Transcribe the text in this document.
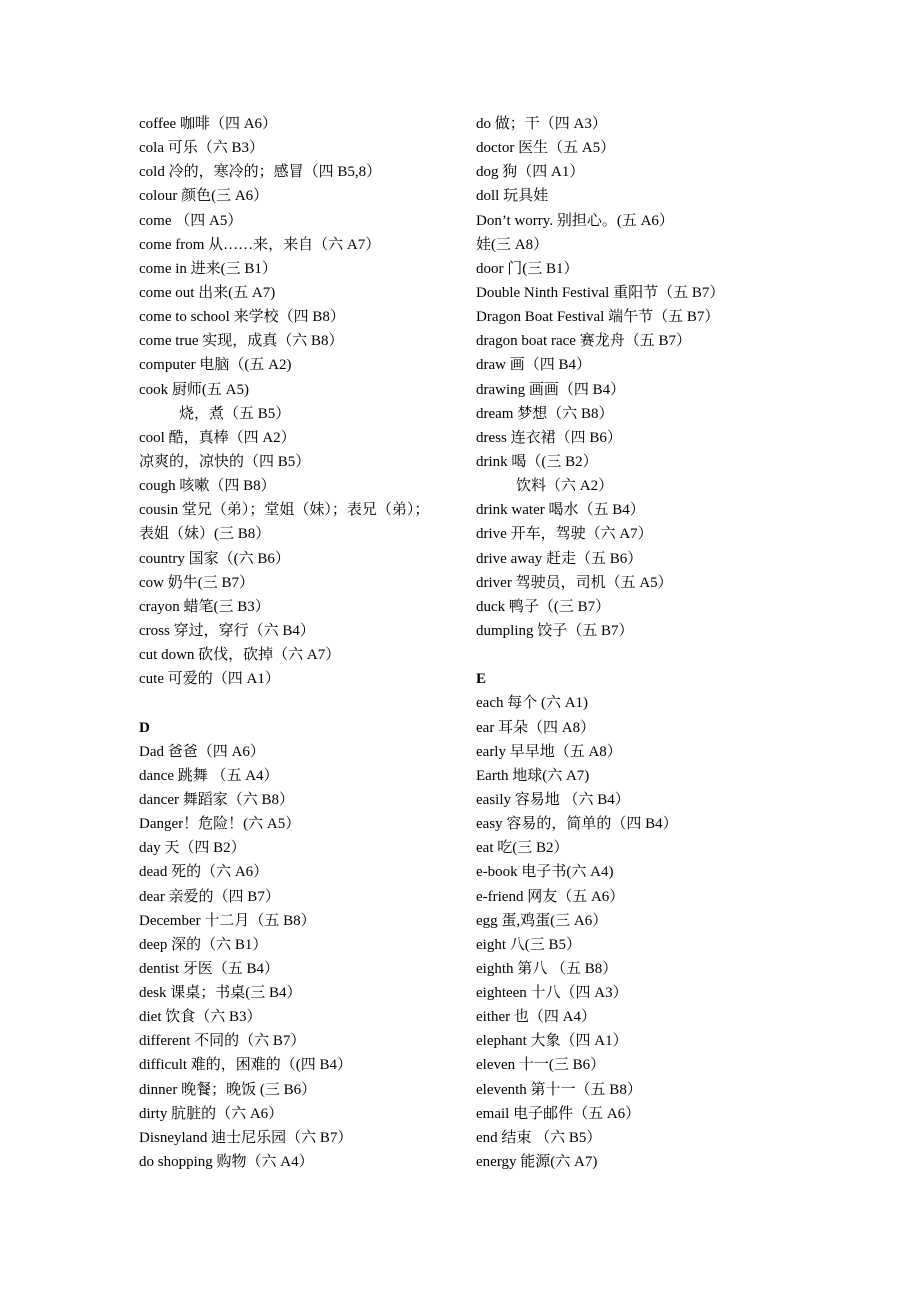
coffee 咖啡（四 A6）
cola 可乐（六 B3）
cold 冷的，寒冷的；感冒（四 B5,8）
colour 颜色(三 A6）
come （四 A5）
come from 从……来，来自（六 A7）
come in 进来(三 B1）
come out 出来(五 A7)
come to school 来学校（四 B8）
come true 实现，成真（六 B8）
computer 电脑（(五 A2)
cook 厨师(五 A5)
烧，煮（五 B5）
cool 酷，真棒（四 A2）
凉爽的，凉快的（四 B5）
cough 咳嗽（四 B8）
cousin 堂兄（弟）；堂姐（妹）；表兄（弟）；
表姐（妹）(三 B8）
country 国家（(六 B6）
cow 奶牛(三 B7）
crayon 蜡笔(三 B3）
cross 穿过，穿行（六 B4）
cut down 砍伐，砍掉（六 A7）
cute 可爱的（四 A1）
D
Dad 爸爸（四 A6）
dance 跳舞 （五 A4）
dancer 舞蹈家（六 B8）
Danger！危险！(六 A5）
day 天（四 B2）
dead 死的（六 A6）
dear 亲爱的（四 B7）
December 十二月（五 B8）
deep 深的（六 B1）
dentist 牙医（五 B4）
desk 课桌；书桌(三 B4）
diet 饮食（六 B3）
different 不同的（六 B7）
difficult 难的，困难的（(四 B4）
dinner 晚餐；晚饭 (三 B6）
dirty 肮脏的（六 A6）
Disneyland 迪士尼乐园（六 B7）
do shopping 购物（六 A4）
do 做；干（四 A3）
doctor 医生（五 A5）
dog 狗（四 A1）
doll 玩具娃
Don’t worry. 别担心。(五 A6）
娃(三 A8）
door 门(三 B1）
Double Ninth Festival 重阳节（五 B7）
Dragon Boat Festival 端午节（五 B7）
dragon boat race 赛龙舟（五 B7）
draw 画（四 B4）
drawing 画画（四 B4）
dream 梦想（六 B8）
dress 连衣裙（四 B6）
drink 喝（(三 B2）
饮料（六 A2）
drink water 喝水（五 B4）
drive 开车，驾驶（六 A7）
drive away 赶走（五 B6）
driver 驾驶员，司机（五 A5）
duck 鸭子（(三 B7）
dumpling 饺子（五 B7）
E
each 每个 (六 A1)
ear 耳朵（四 A8）
early 早早地（五 A8）
Earth 地球(六 A7)
easily 容易地 （六 B4）
easy 容易的，简单的（四 B4）
eat 吃(三 B2）
e-book 电子书(六 A4)
e-friend 网友（五 A6）
egg 蛋,鸡蛋(三 A6）
eight 八(三 B5）
eighth 第八 （五 B8）
eighteen 十八（四 A3）
either 也（四 A4）
elephant 大象（四 A1）
eleven 十一(三 B6）
eleventh 第十一（五 B8）
email 电子邮件（五 A6）
end 结束 （六 B5）
energy 能源(六 A7)
